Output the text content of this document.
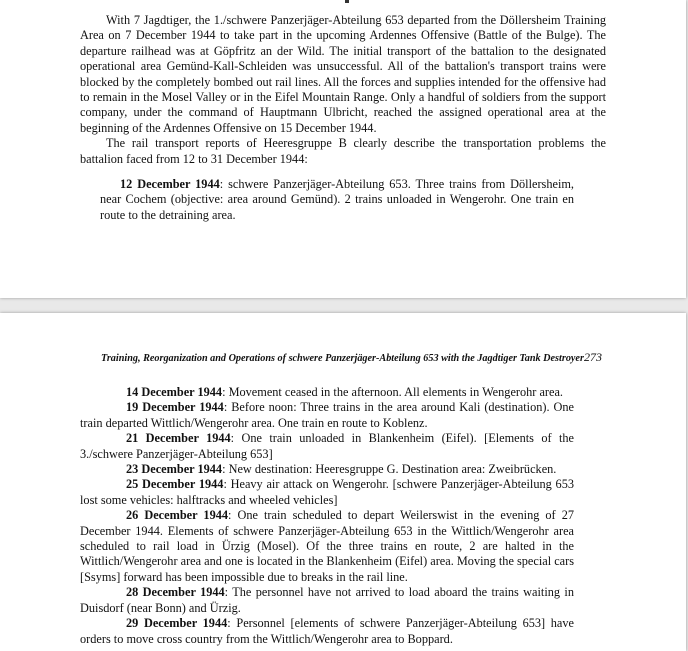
With 7 Jagdtiger, the 1./schwere Panzerjäger-Abteilung 653 departed from the Döllersheim Training Area on 7 December 1944 to take part in the upcoming Ardennes Offensive (Battle of the Bulge). The departure railhead was at Göpfritz an der Wild. The initial transport of the battalion to the designated operational area Gemünd-Kall-Schleiden was unsuccessful. All of the battalion's transport trains were blocked by the completely bombed out rail lines. All the forces and supplies intended for the offensive had to remain in the Mosel Valley or in the Eifel Mountain Range. Only a handful of soldiers from the support company, under the command of Hauptmann Ulbricht, reached the assigned operational area at the beginning of the Ardennes Offensive on 15 December 1944.

The rail transport reports of Heeresgruppe B clearly describe the transportation problems the battalion faced from 12 to 31 December 1944:

12 December 1944: schwere Panzerjäger-Abteilung 653. Three trains from Döllersheim, near Cochem (objective: area around Gemünd). 2 trains unloaded in Wengerohr. One train en route to the detraining area.

Training, Reorganization and Operations of schwere Panzerjäger-Abteilung 653 with the Jagdtiger Tank Destroyer 273

14 December 1944: Movement ceased in the afternoon. All elements in Wengerohr area.

19 December 1944: Before noon: Three trains in the area around Kali (destination). One train departed Wittlich/Wengerohr area. One train en route to Koblenz.

21 December 1944: One train unloaded in Blankenheim (Eifel). [Elements of the 3./schwere Panzerjäger-Abteilung 653]

23 December 1944: New destination: Heeresgruppe G. Destination area: Zweibrücken.

25 December 1944: Heavy air attack on Wengerohr. [schwere Panzerjäger-Abteilung 653 lost some vehicles: halftracks and wheeled vehicles]

26 December 1944: One train scheduled to depart Weilerswist in the evening of 27 December 1944. Elements of schwere Panzerjäger-Abteilung 653 in the Wittlich/Wengerohr area scheduled to rail load in Ürzig (Mosel). Of the three trains en route, 2 are halted in the Wittlich/Wengerohr area and one is located in the Blankenheim (Eifel) area. Moving the special cars [Ssyms] forward has been impossible due to breaks in the rail line.

28 December 1944: The personnel have not arrived to load aboard the trains waiting in Duisdorf (near Bonn) and Ürzig.

29 December 1944: Personnel [elements of schwere Panzerjäger-Abteilung 653] have orders to move cross country from the Wittlich/Wengerohr area to Boppard.
